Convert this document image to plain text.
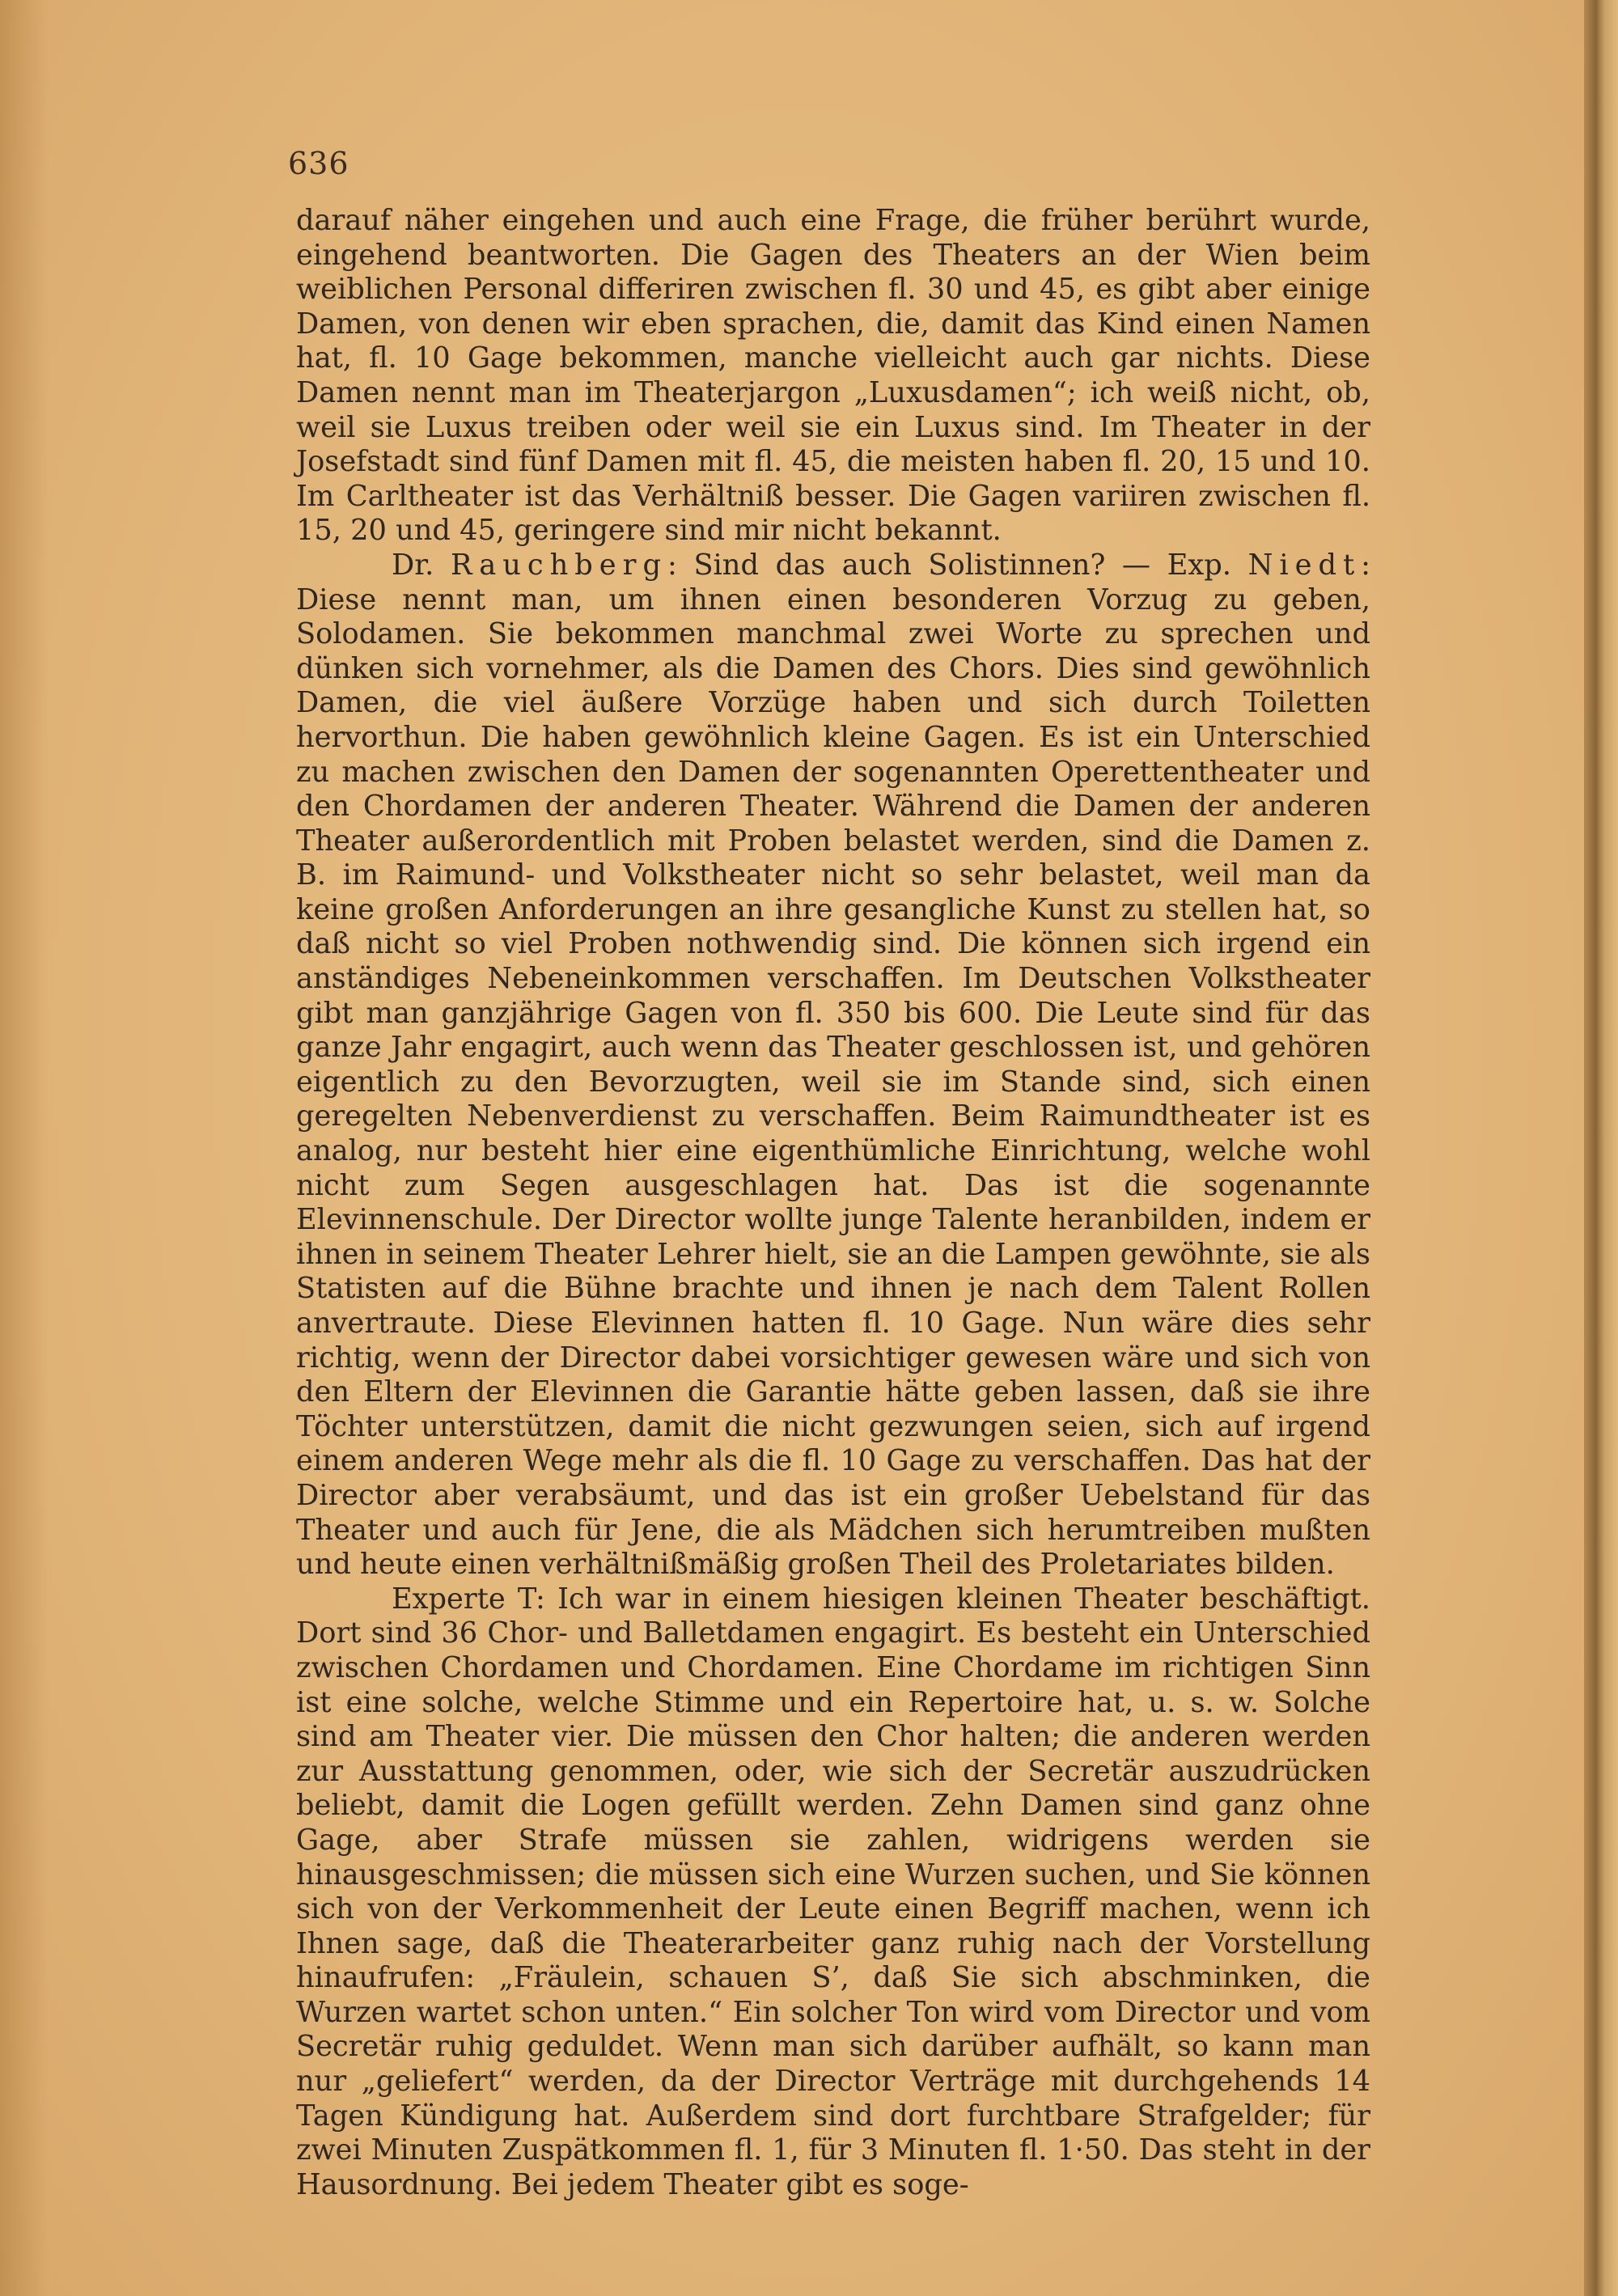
636

darauf näher eingehen und auch eine Frage, die früher berührt wurde, eingehend beantworten. Die Gagen des Theaters an der Wien beim weiblichen Personal differiren zwischen fl. 30 und 45, es gibt aber einige Damen, von denen wir eben sprachen, die, damit das Kind einen Namen hat, fl. 10 Gage bekommen, manche vielleicht auch gar nichts. Diese Damen nennt man im Theaterjargon „Luxusdamen“; ich weiß nicht, ob, weil sie Luxus treiben oder weil sie ein Luxus sind. Im Theater in der Josefstadt sind fünf Damen mit fl. 45, die meisten haben fl. 20, 15 und 10. Im Carltheater ist das Verhältniß besser. Die Gagen variiren zwischen fl. 15, 20 und 45, geringere sind mir nicht bekannt.

Dr. Rauchberg: Sind das auch Solistinnen? — Exp. Niedt: Diese nennt man, um ihnen einen besonderen Vorzug zu geben, Solodamen. Sie bekommen manchmal zwei Worte zu sprechen und dünken sich vornehmer, als die Damen des Chors. Dies sind gewöhnlich Damen, die viel äußere Vorzüge haben und sich durch Toiletten hervorthun. Die haben gewöhnlich kleine Gagen. Es ist ein Unterschied zu machen zwischen den Damen der sogenannten Operettentheater und den Chordamen der anderen Theater. Während die Damen der anderen Theater außerordentlich mit Proben belastet werden, sind die Damen z. B. im Raimund- und Volkstheater nicht so sehr belastet, weil man da keine großen Anforderungen an ihre gesangliche Kunst zu stellen hat, so daß nicht so viel Proben nothwendig sind. Die können sich irgend ein anständiges Nebeneinkommen verschaffen. Im Deutschen Volkstheater gibt man ganzjährige Gagen von fl. 350 bis 600. Die Leute sind für das ganze Jahr engagirt, auch wenn das Theater geschlossen ist, und gehören eigentlich zu den Bevorzugten, weil sie im Stande sind, sich einen geregelten Nebenverdienst zu verschaffen. Beim Raimundtheater ist es analog, nur besteht hier eine eigenthümliche Einrichtung, welche wohl nicht zum Segen ausgeschlagen hat. Das ist die sogenannte Elevinnenschule. Der Director wollte junge Talente heranbilden, indem er ihnen in seinem Theater Lehrer hielt, sie an die Lampen gewöhnte, sie als Statisten auf die Bühne brachte und ihnen je nach dem Talent Rollen anvertraute. Diese Elevinnen hatten fl. 10 Gage. Nun wäre dies sehr richtig, wenn der Director dabei vorsichtiger gewesen wäre und sich von den Eltern der Elevinnen die Garantie hätte geben lassen, daß sie ihre Töchter unterstützen, damit die nicht gezwungen seien, sich auf irgend einem anderen Wege mehr als die fl. 10 Gage zu verschaffen. Das hat der Director aber verabsäumt, und das ist ein großer Uebelstand für das Theater und auch für Jene, die als Mädchen sich herumtreiben mußten und heute einen verhältnißmäßig großen Theil des Proletariates bilden.

Experte T: Ich war in einem hiesigen kleinen Theater beschäftigt. Dort sind 36 Chor- und Balletdamen engagirt. Es besteht ein Unterschied zwischen Chordamen und Chordamen. Eine Chordame im richtigen Sinn ist eine solche, welche Stimme und ein Repertoire hat, u. s. w. Solche sind am Theater vier. Die müssen den Chor halten; die anderen werden zur Ausstattung genommen, oder, wie sich der Secretär auszudrücken beliebt, damit die Logen gefüllt werden. Zehn Damen sind ganz ohne Gage, aber Strafe müssen sie zahlen, widrigens werden sie hinausgeschmissen; die müssen sich eine Wurzen suchen, und Sie können sich von der Verkommenheit der Leute einen Begriff machen, wenn ich Ihnen sage, daß die Theaterarbeiter ganz ruhig nach der Vorstellung hinaufrufen: „Fräulein, schauen S’, daß Sie sich abschminken, die Wurzen wartet schon unten.“ Ein solcher Ton wird vom Director und vom Secretär ruhig geduldet. Wenn man sich darüber aufhält, so kann man nur „geliefert“ werden, da der Director Verträge mit durchgehends 14 Tagen Kündigung hat. Außerdem sind dort furchtbare Strafgelder; für zwei Minuten Zuspätkommen fl. 1, für 3 Minuten fl. 1·50. Das steht in der Hausordnung. Bei jedem Theater gibt es soge-
